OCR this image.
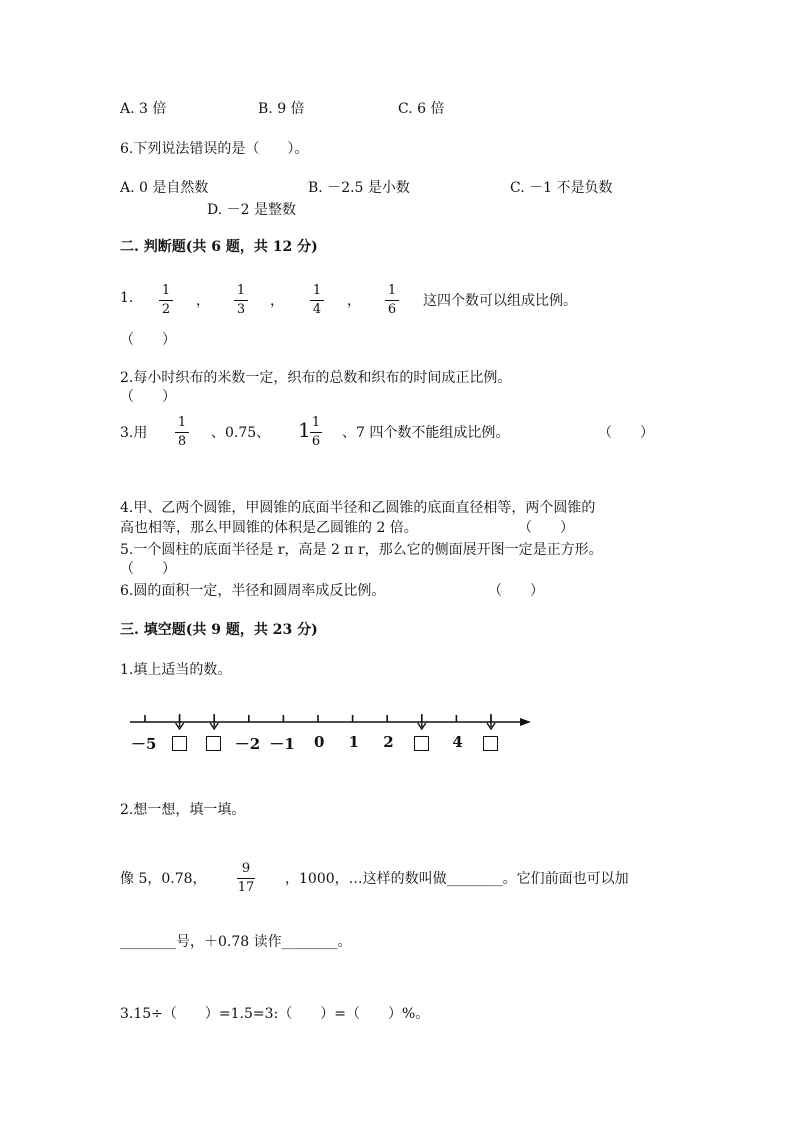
A. 3 倍	B. 9 倍	C. 6 倍
6.下列说法错误的是（　　）。
A. 0 是自然数	B. －2.5 是小数	C. －1 不是负数
D. －2 是整数
二. 判断题(共 6 题，共 12 分)
1. 1
2
，
1
3
，
1
4
，
1
6
这四个数可以组成比例。
（　　）
2.每小时织布的米数一定，织布的总数和织布的时间成正比例。
（　　）
3.用
1
8
、0.75、 1 1
6
、7 四个数不能组成比例。	（　　）
4.甲、乙两个圆锥，甲圆锥的底面半径和乙圆锥的底面直径相等，两个圆锥的
高也相等，那么甲圆锥的体积是乙圆锥的 2 倍。	（　　）
5.一个圆柱的底面半径是 r，高是 2 π r，那么它的侧面展开图一定是正方形。
（　　）
6.圆的面积一定，半径和圆周率成反比例。	（　　）
三. 填空题(共 9 题，共 23 分)
1.填上适当的数。
－5	－2 －1 0 1 2	4
2.想一想，填一填。
像 5，0.78，
9
17
，1000，…这样的数叫做________。它们前面也可以加
________号，＋0.78 读作________。
3.15÷（　　）=1.5=3:（　　）=（　　）%。
